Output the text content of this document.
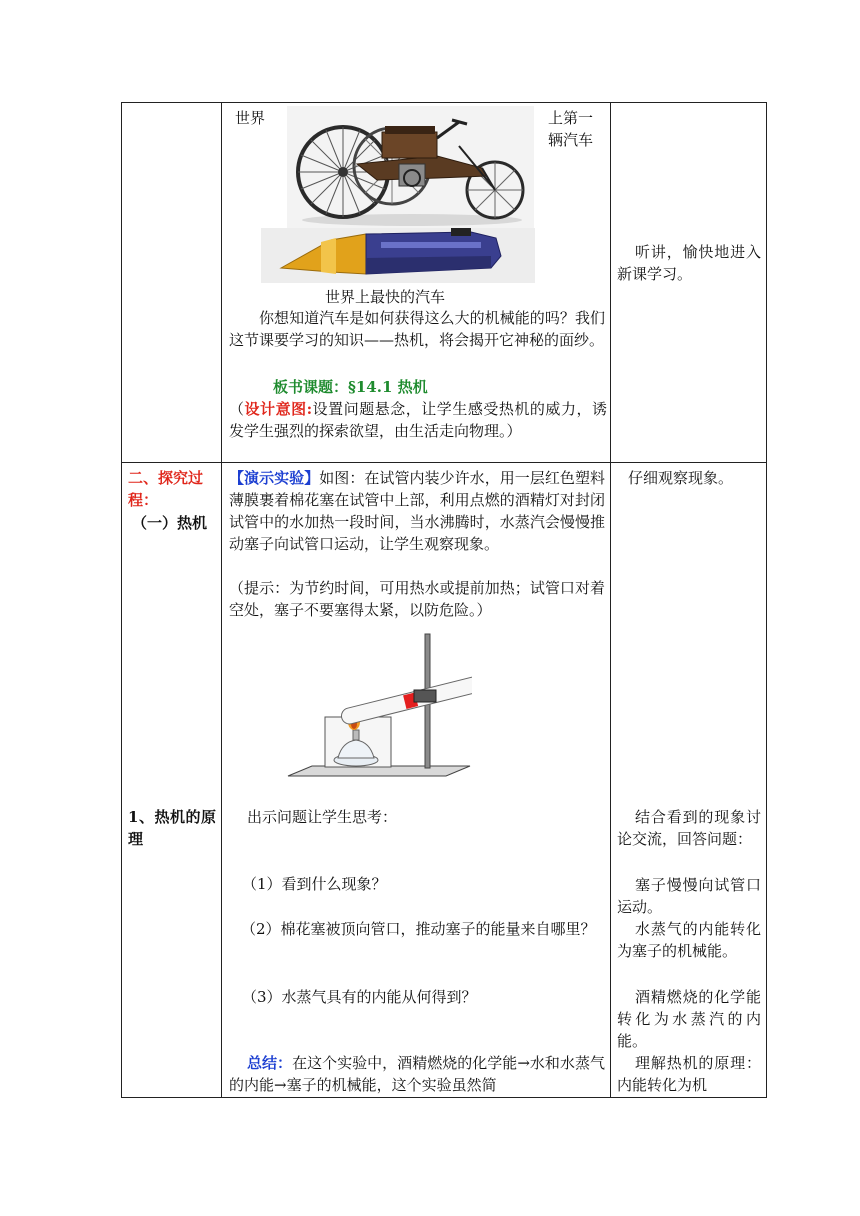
世界	上第一辆汽车
世界上最快的汽车
你想知道汽车是如何获得这么大的机械能的吗？我们这节课要学习的知识——热机，将会揭开它神秘的面纱。
板书课题：§14.1 热机
（设计意图:设置问题悬念，让学生感受热机的威力，诱发学生强烈的探索欲望，由生活走向物理。）
听讲，愉快地进入新课学习。
二、探究过
程：
（一）热机
1、热机的原理
【演示实验】如图：在试管内装少许水，用一层红色塑料薄膜裹着棉花塞在试管中上部，利用点燃的酒精灯对封闭试管中的水加热一段时间，当水沸腾时，水蒸汽会慢慢推动塞子向试管口运动，让学生观察现象。
（提示：为节约时间，可用热水或提前加热；试管口对着空处，塞子不要塞得太紧，以防危险。）
出示问题让学生思考：
（1）看到什么现象？
（2）棉花塞被顶向管口，推动塞子的能量来自哪里？
（3）水蒸气具有的内能从何得到？
总结：在这个实验中，酒精燃烧的化学能→水和水蒸气的内能→塞子的机械能，这个实验虽然简
仔细观察现象。
结合看到的现象讨论交流，回答问题：
塞子慢慢向试管口运动。
水蒸气的内能转化为塞子的机械能。
酒精燃烧的化学能转化为水蒸汽的内能。
理解热机的原理：内能转化为机
